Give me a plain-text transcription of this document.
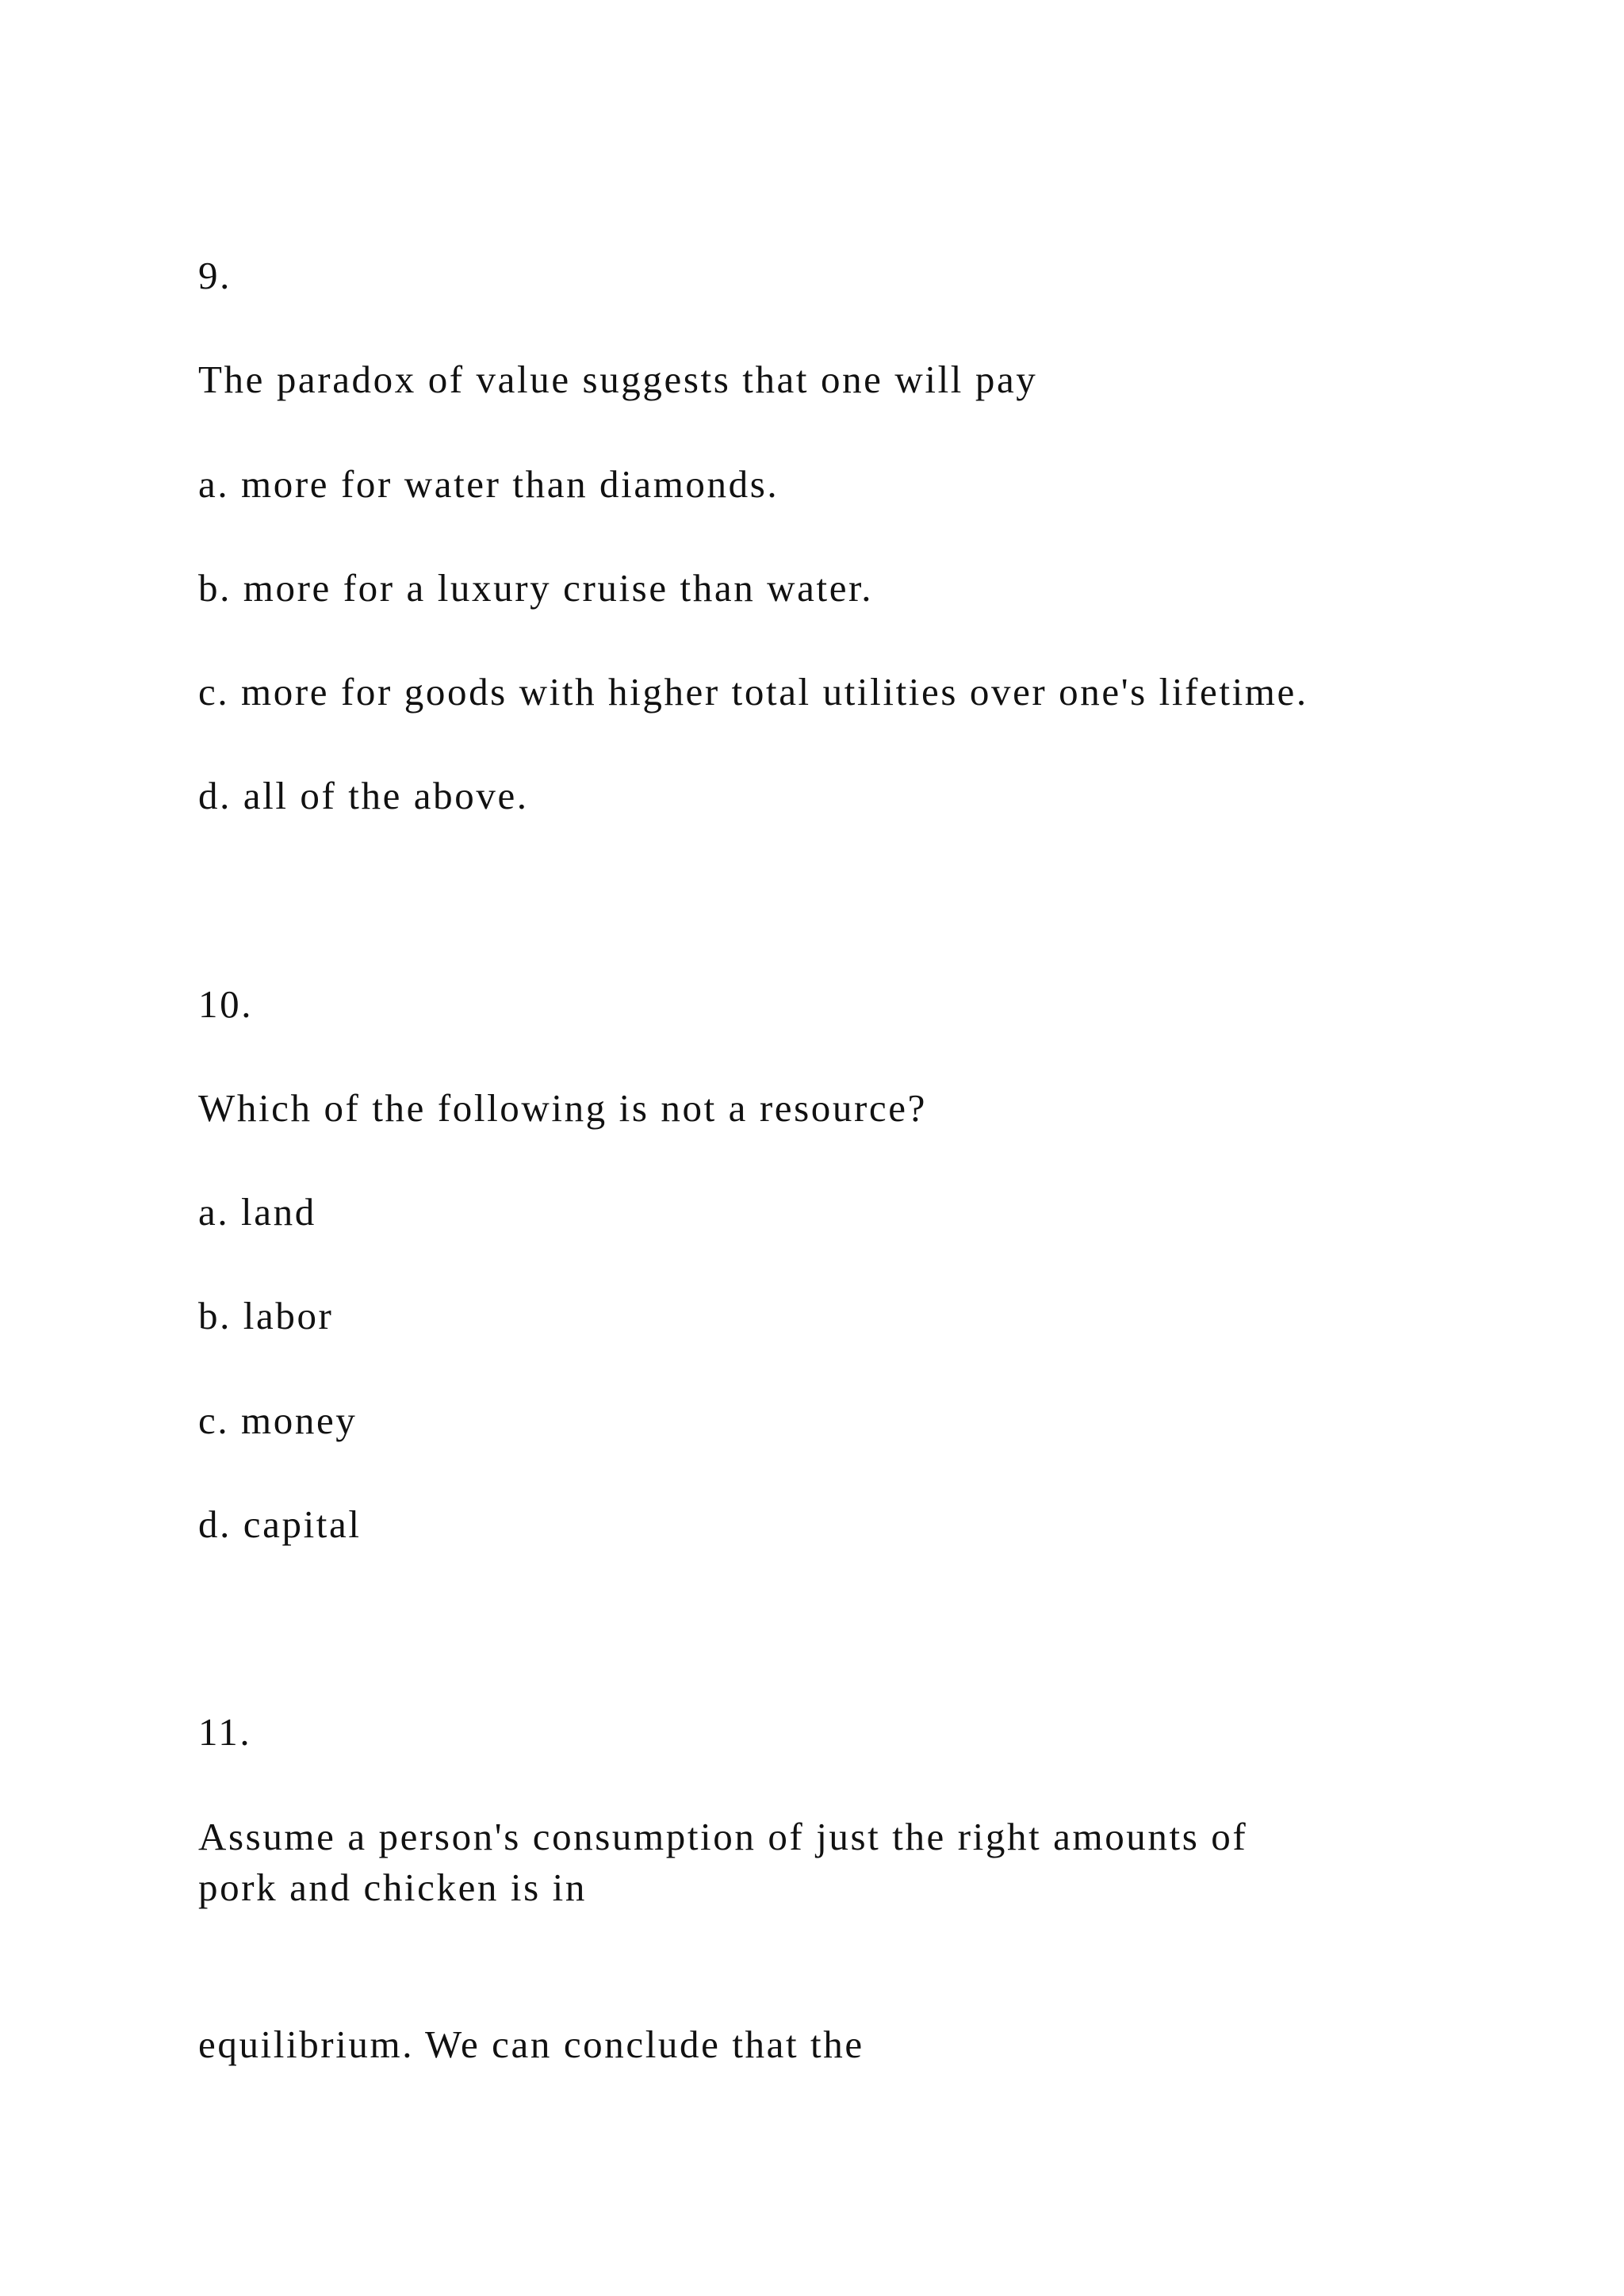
9.

The paradox of value suggests that one will pay

a. more for water than diamonds.

b. more for a luxury cruise than water.

c. more for goods with higher total utilities over one's lifetime.

d. all of the above.

10.

Which of the following is not a resource?

a. land

b. labor

c. money

d. capital

11.

Assume a person's consumption of just the right amounts of

pork and chicken is in

equilibrium. We can conclude that the
